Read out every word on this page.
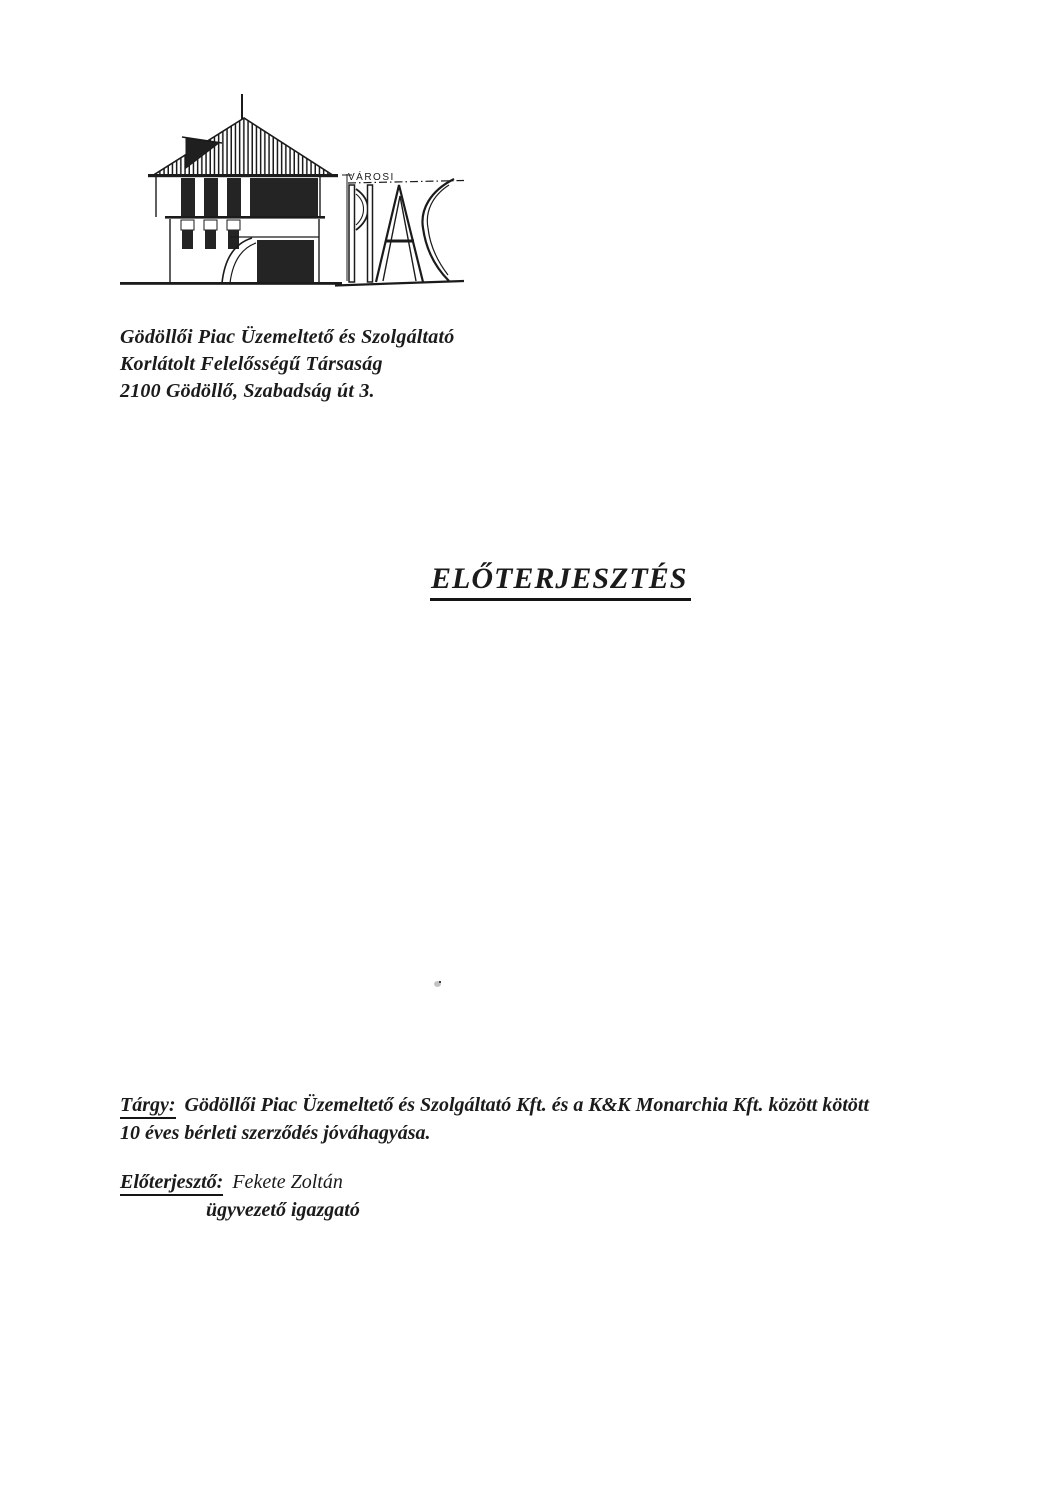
VÁROSI
Gödöllői Piac Üzemeltető és Szolgáltató
Korlátolt Felelősségű Társaság
2100 Gödöllő, Szabadság út 3.
ELŐTERJESZTÉS
Tárgy: Gödöllői Piac Üzemeltető és Szolgáltató Kft. és a K&K Monarchia Kft. között kötött
10 éves bérleti szerződés jóváhagyása.
Előterjesztő: Fekete Zoltán
ügyvezető igazgató
